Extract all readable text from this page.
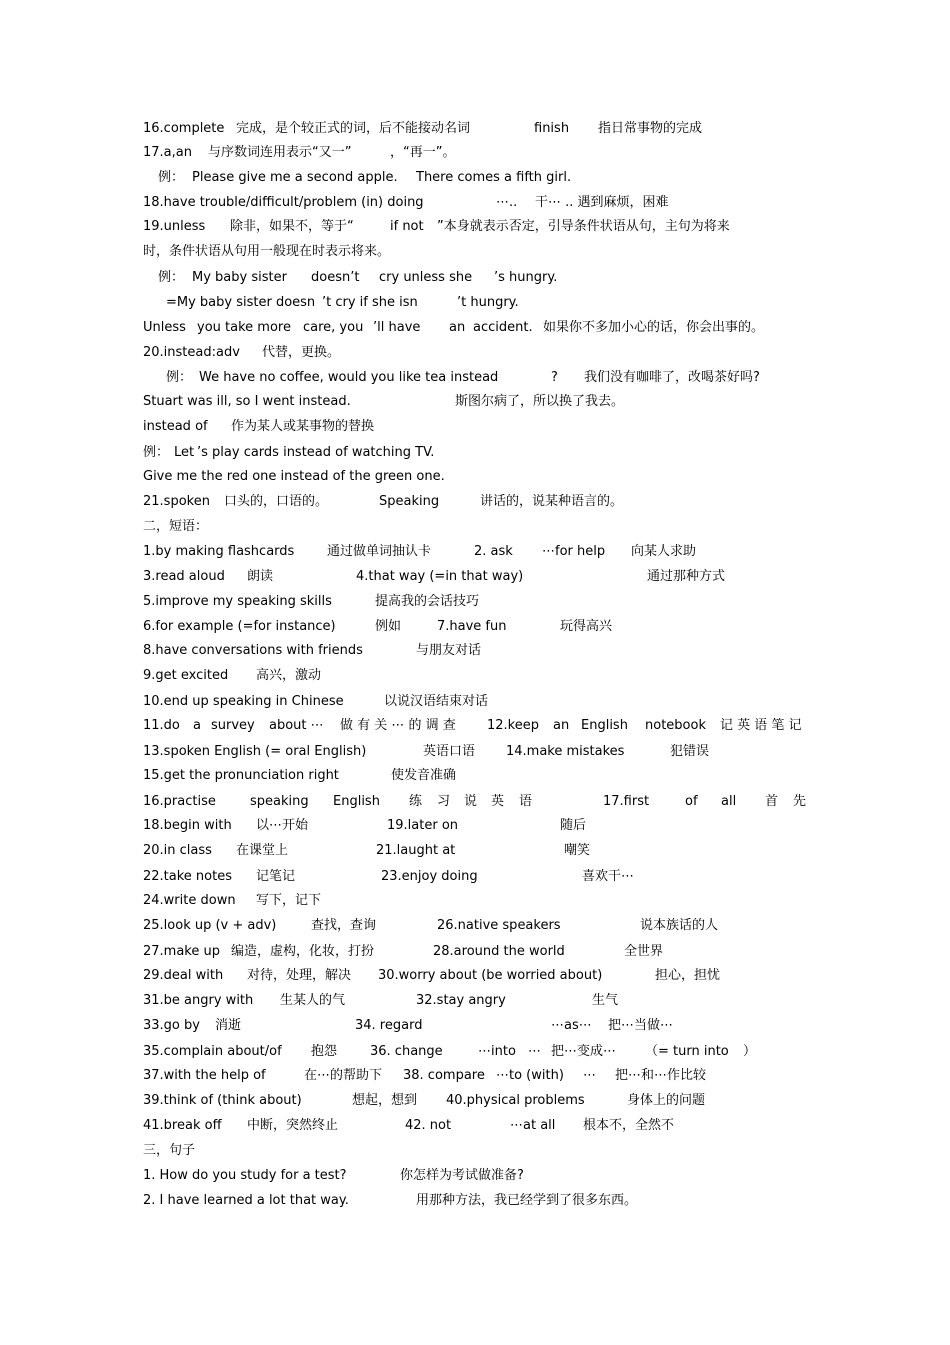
16.complete 完成，是个较正式的词，后不能接动名词	finish 指日常事物的完成
17.a,an 与序数词连用表示“又一”	，“再一”。
例： Please give me a second apple. There comes a fifth girl.
18.have trouble/difficult/problem (in) doing	⋯.. 干⋯ .. 遇到麻烦，困难
19.unless 除非，如果不，等于“	if not ”本身就表示否定，引导条件状语从句，主句为将来
时，条件状语从句用一般现在时表示将来。
例： My baby sister doesn’t cry unless she ’s hungry.
=My baby sister doesn ’t cry if she isn	’t hungry.
Unless you take more care, you ’ll have an accident. 如果你不多加小心的话，你会出事的。
20.instead:adv 代替，更换。
例： We have no coffee, would you like tea instead	? 我们没有咖啡了，改喝茶好吗?
Stuart was ill, so I went instead.	斯图尔病了，所以换了我去。
instead of 作为某人或某事物的替换
例： Let ’s play cards instead of watching TV.
Give me the red one instead of the green one.
21.spoken 口头的，口语的。	Speaking	讲话的，说某种语言的。
二，短语：
1.by making flashcards	通过做单词抽认卡	2. ask ⋯for help 向某人求助
3.read aloud 朗读	4.that way (=in that way)	通过那种方式
5.improve my speaking skills	提高我的会话技巧
6.for example (=for instance)	例如	7.have fun	玩得高兴
8.have conversations with friends	与朋友对话
9.get excited 高兴，激动
10.end up speaking in Chinese	以说汉语结束对话
11.do a survey about ⋯ 做 有 关 ⋯ 的 调 查 12.keep an English notebook 记 英 语 笔 记
13.spoken English (= oral English)	英语口语 14.make mistakes	犯错误
15.get the pronunciation right	使发音准确
16.practise	speaking English 练 习 说 英 语	17.first	of all 首 先
18.begin with 以⋯开始	19.later on	随后
20.in class 在课堂上	21.laught at	嘲笑
22.take notes 记笔记	23.enjoy doing	喜欢干⋯
24.write down 写下，记下
25.look up (v + adv)	查找，查询	26.native speakers	说本族话的人
27.make up 编造，虚构，化妆，打扮	28.around the world	全世界
29.deal with 对待，处理，解决 30.worry about (be worried about)	担心，担忧
31.be angry with 生某人的气	32.stay angry	生气
33.go by 消逝	34. regard	⋯as⋯ 把⋯当做⋯
35.complain about/of 抱怨	36. change	⋯into ⋯ 把⋯变成⋯ （= turn into ）
37.with the help of	在⋯的帮助下 38. compare ⋯to (with) ⋯ 把⋯和⋯作比较
39.think of (think about)	想起，想到 40.physical problems	身体上的问题
41.break off 中断，突然终止	42. not	⋯at all 根本不，全然不
三，句子
1. How do you study for a test?	你怎样为考试做准备?
2. I have learned a lot that way.	用那种方法，我已经学到了很多东西。
